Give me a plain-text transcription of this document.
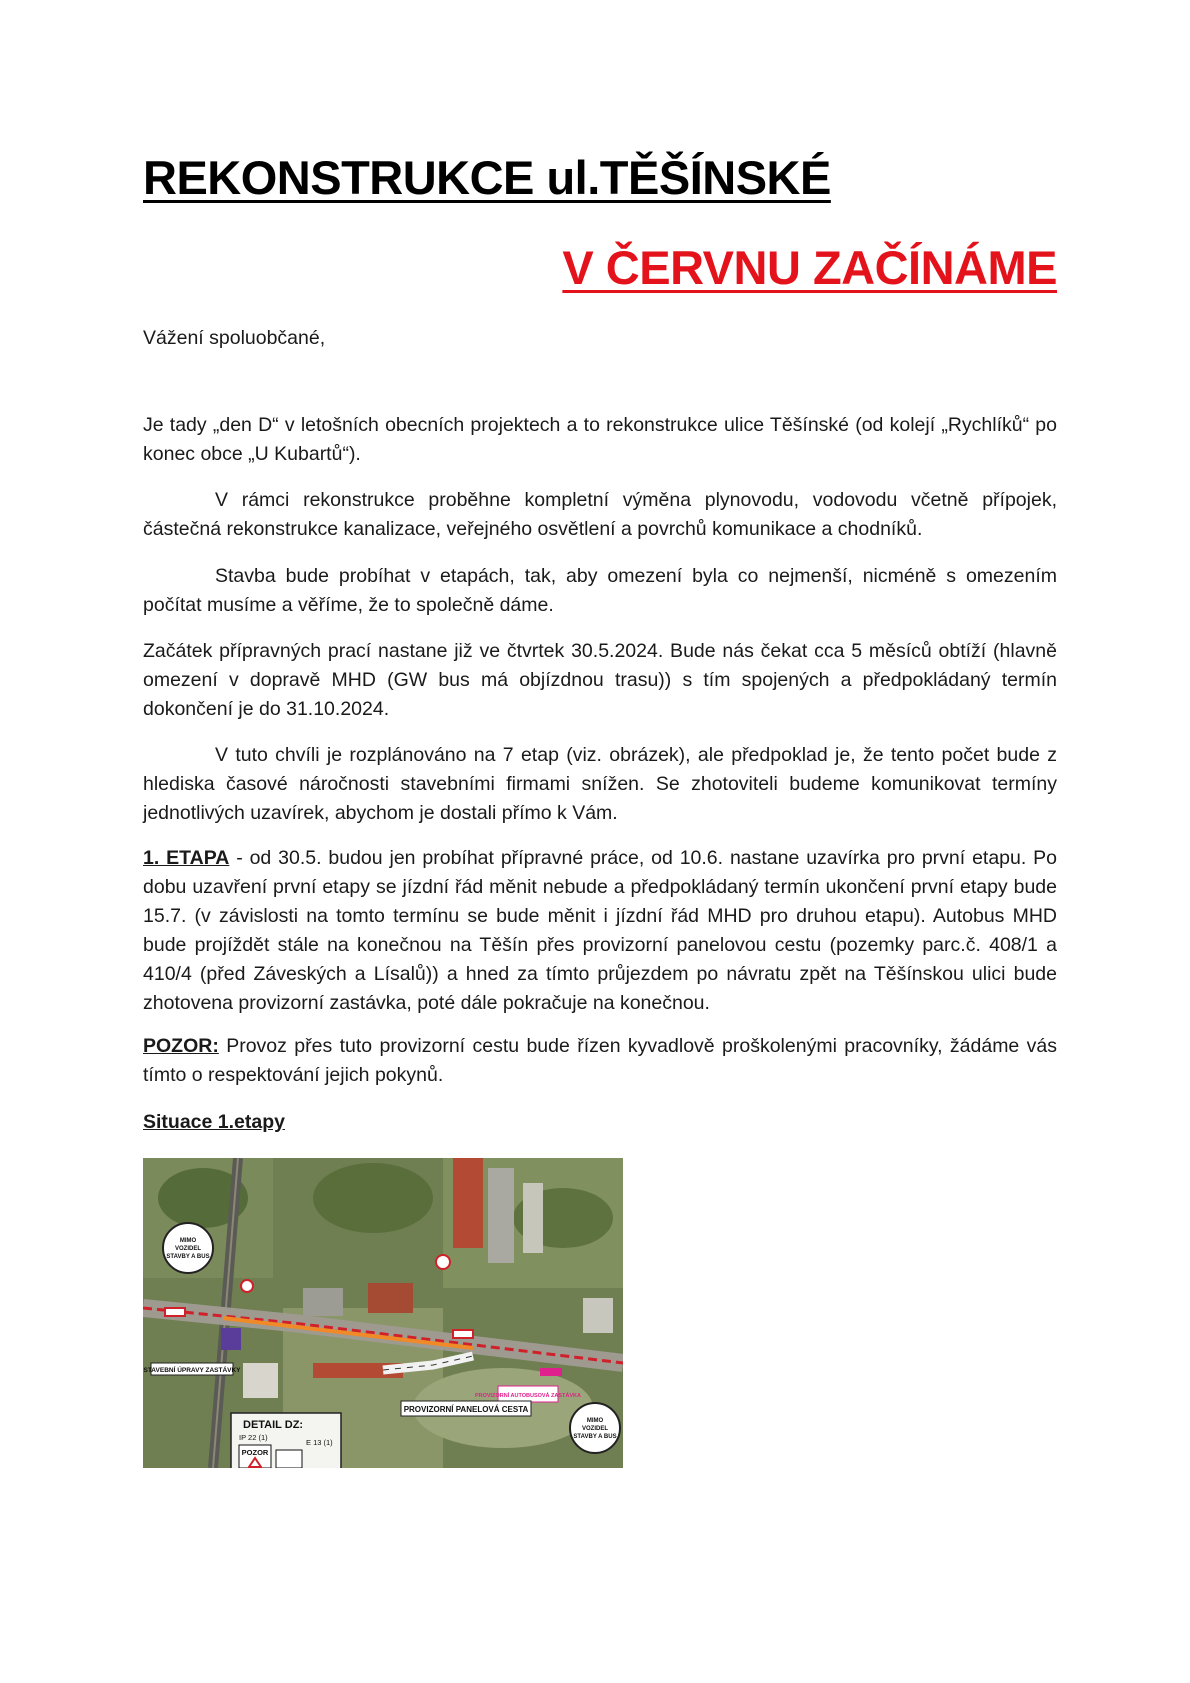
REKONSTRUKCE ul.TĚŠÍNSKÉ
V ČERVNU ZAČÍNÁME

Vážení spoluobčané,

Je tady „den D“ v letošních obecních projektech a to rekonstrukce ulice Těšínské (od kolejí „Rychlíků“ po konec obce „U Kubartů“).

V rámci rekonstrukce proběhne kompletní výměna plynovodu, vodovodu včetně přípojek, částečná rekonstrukce kanalizace, veřejného osvětlení a povrchů komunikace a chodníků.

Stavba bude probíhat v etapách, tak, aby omezení byla co nejmenší, nicméně s omezením počítat musíme a věříme, že to společně dáme.

Začátek přípravných prací nastane již ve čtvrtek 30.5.2024. Bude nás čekat cca 5 měsíců obtíží (hlavně omezení v dopravě MHD (GW bus má objízdnou trasu)) s tím spojených a předpokládaný termín dokončení je do 31.10.2024.

V tuto chvíli je rozplánováno na 7 etap (viz. obrázek), ale předpoklad je, že tento počet bude z hlediska časové náročnosti stavebními firmami snížen. Se zhotoviteli budeme komunikovat termíny jednotlivých uzavírek, abychom je dostali přímo k Vám.

1. ETAPA - od 30.5. budou jen probíhat přípravné práce, od 10.6. nastane uzavírka pro první etapu. Po dobu uzavření první etapy se jízdní řád měnit nebude a předpokládaný termín ukončení první etapy bude 15.7. (v závislosti na tomto termínu se bude měnit i jízdní řád MHD pro druhou etapu). Autobus MHD bude projíždět stále na konečnou na Těšín přes provizorní panelovou cestu (pozemky parc.č. 408/1 a 410/4 (před Záveských a Lísalů)) a hned za tímto průjezdem po návratu zpět na Těšínskou ulici bude zhotovena provizorní zastávka, poté dále pokračuje na konečnou.

POZOR: Provoz přes tuto provizorní cestu bude řízen kyvadlově proškolenými pracovníky, žádáme vás tímto o respektování jejich pokynů.

Situace 1.etapy

MIMO
VOZIDEL
STAVBY A BUS
MIMO
VOZIDEL
STAVBY A BUS
STAVEBNÍ ÚPRAVY ZASTÁVKY
PROVIZORNÍ AUTOBUSOVÁ ZASTÁVKA
PROVIZORNÍ PANELOVÁ CESTA
DETAIL DZ:
IP 22 (1)
E 13 (1)
POZOR
